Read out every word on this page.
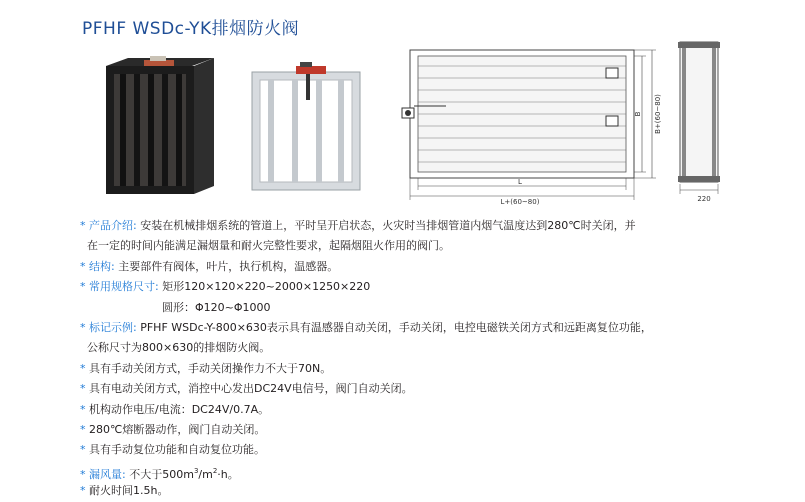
PFHF WSDc-YK排烟防火阀
L
L+(60~80)
B B+(60~80)
220
* 产品介绍: 安装在机械排烟系统的管道上，平时呈开启状态，火灾时当排烟管道内烟气温度达到280℃时关闭，并
在一定的时间内能满足漏烟量和耐火完整性要求，起隔烟阻火作用的阀门。
* 结构: 主要部件有阀体，叶片，执行机构，温感器。
* 常用规格尺寸: 矩形120×120×220~2000×1250×220
圆形：Φ120~Φ1000
* 标记示例: PFHF WSDc-Y-800×630表示具有温感器自动关闭，手动关闭，电控电磁铁关闭方式和远距离复位功能，
公称尺寸为800×630的排烟防火阀。
* 具有手动关闭方式，手动关闭操作力不大于70N。
* 具有电动关闭方式，消控中心发出DC24V电信号，阀门自动关闭。
* 机构动作电压/电流：DC24V/0.7A。
* 280℃熔断器动作，阀门自动关闭。
* 具有手动复位功能和自动复位功能。
* 漏风量: 不大于$500m^3/m^2\cdot h$。
* 耐火时间1.5h。
